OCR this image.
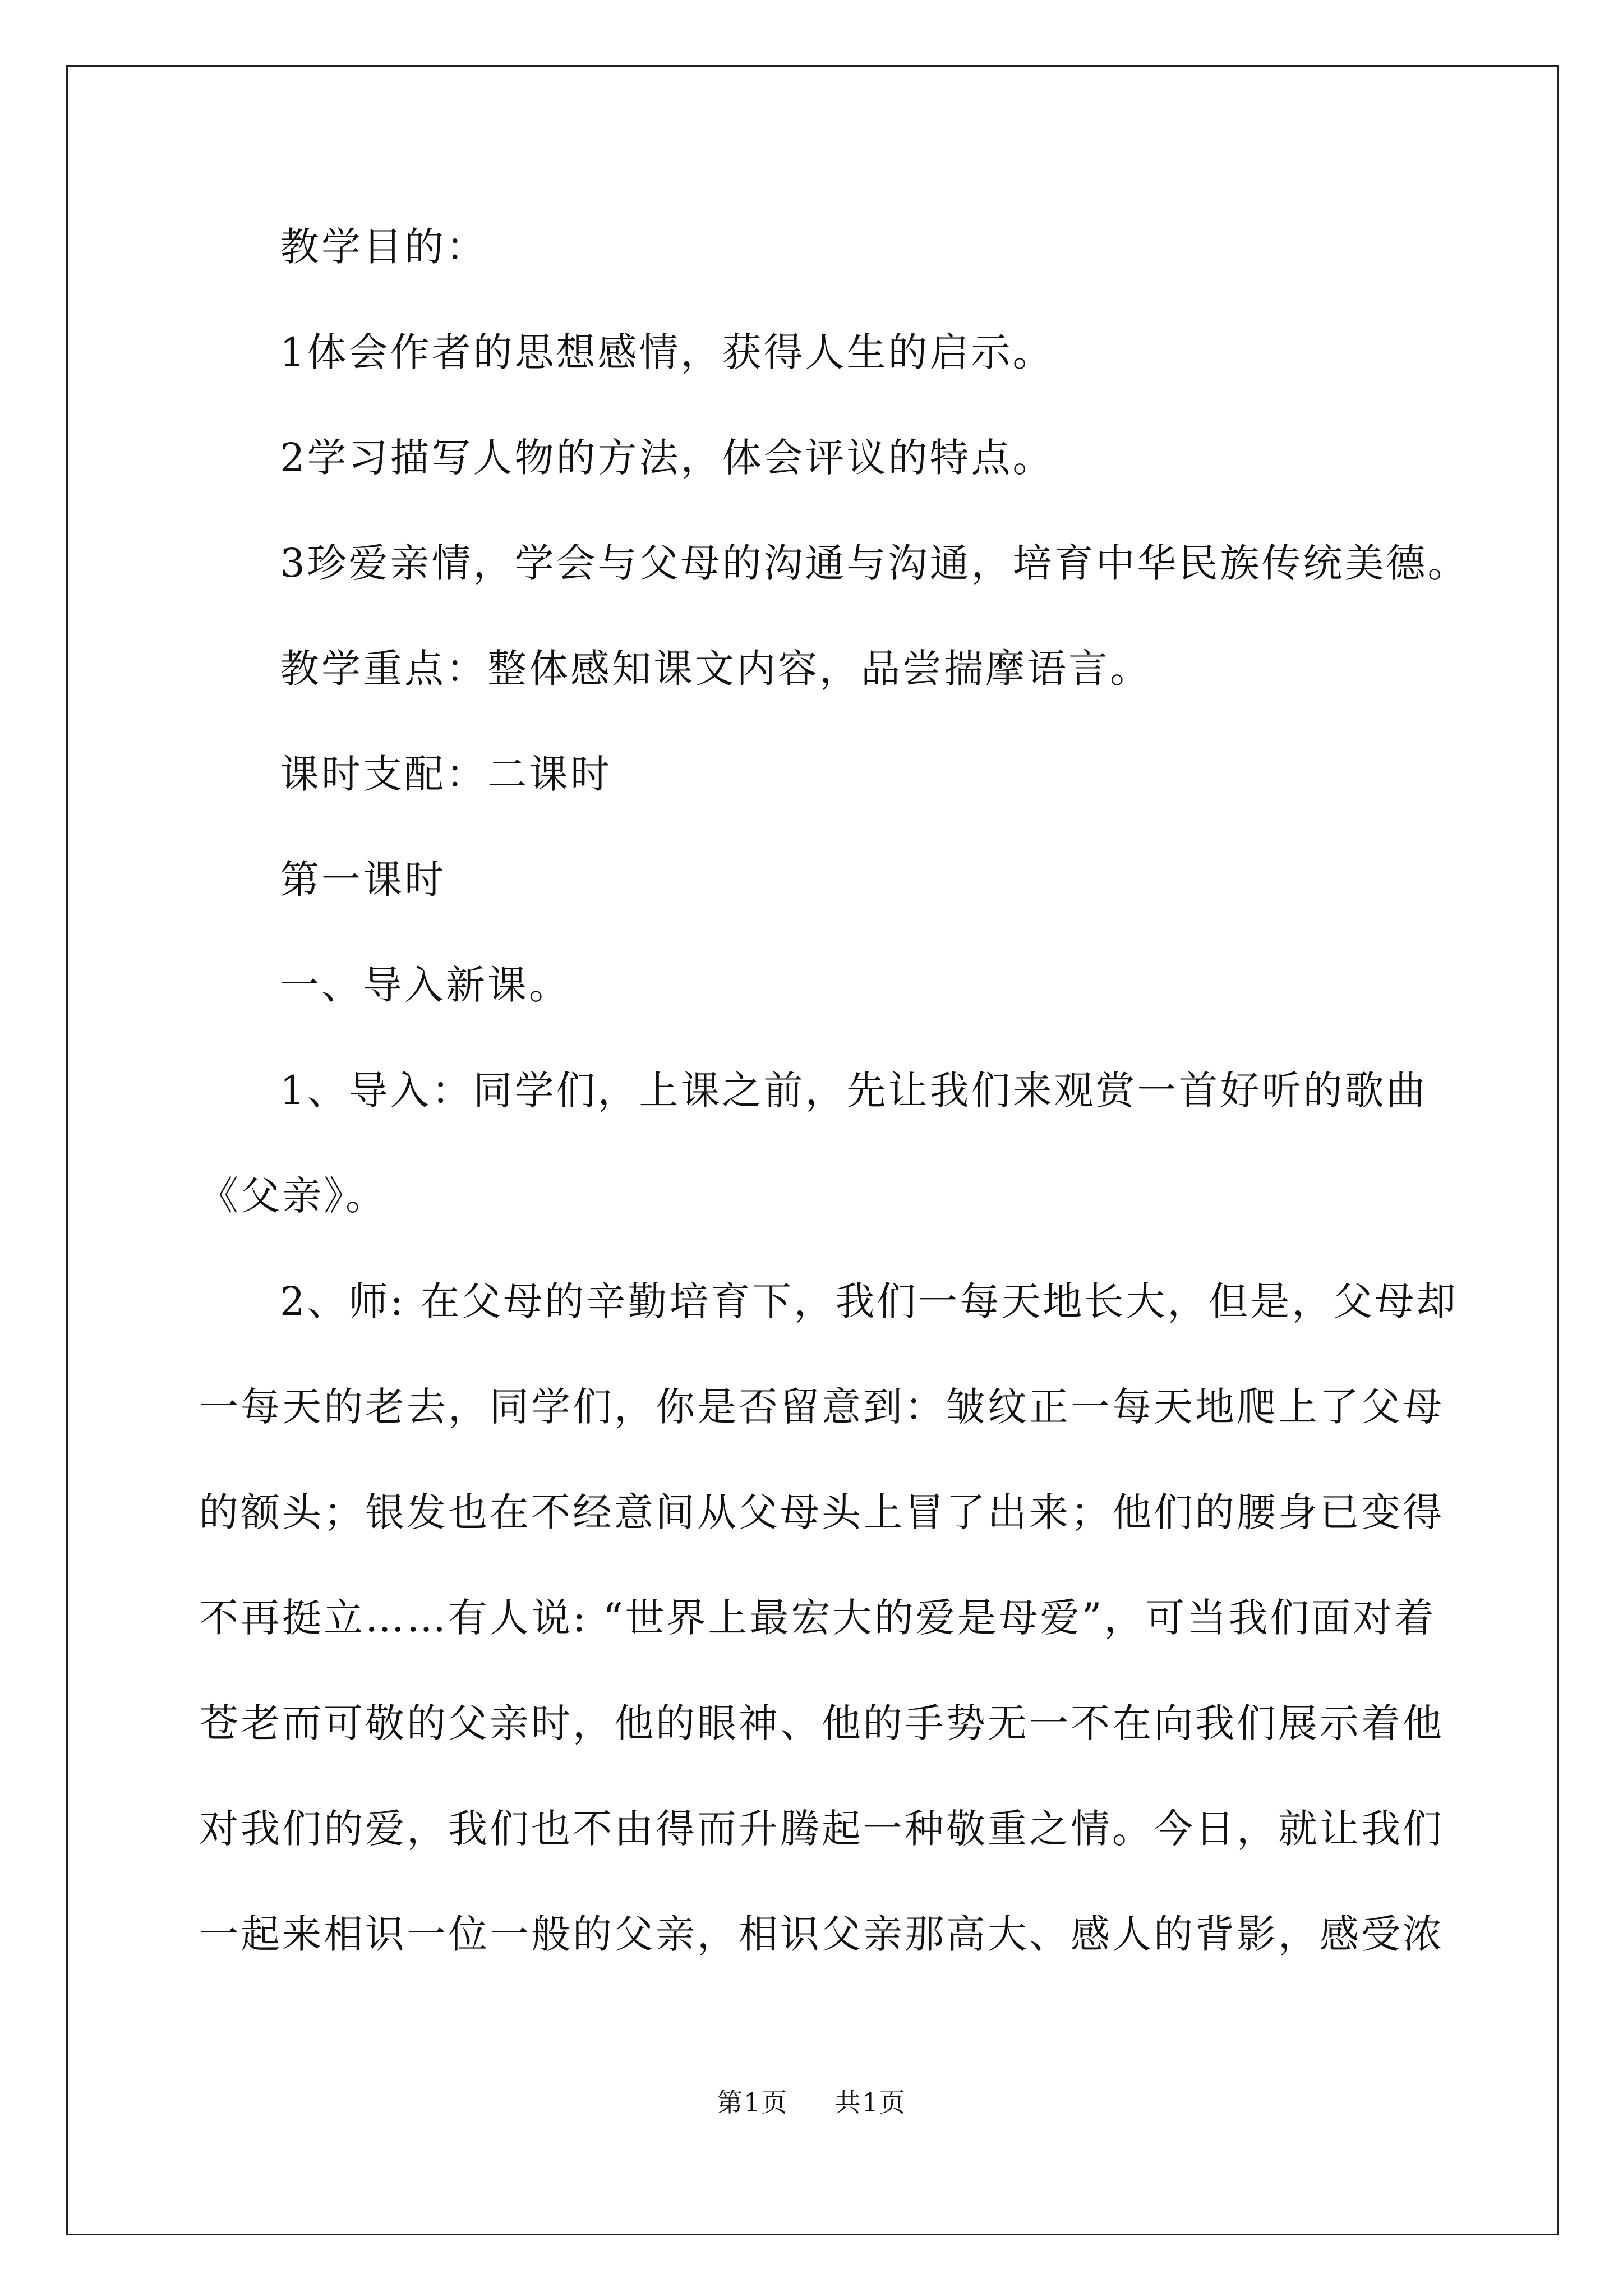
教学目的：
1体会作者的思想感情，获得人生的启示。
2学习描写人物的方法，体会评议的特点。
3珍爱亲情，学会与父母的沟通与沟通，培育中华民族传统美德。
教学重点：整体感知课文内容，品尝揣摩语言。
课时支配：二课时
第一课时
一、导入新课。
1、导入：同学们，上课之前，先让我们来观赏一首好听的歌曲
《父亲》。
2、师: 在父母的辛勤培育下，我们一每天地长大，但是，父母却
一每天的老去，同学们，你是否留意到：皱纹正一每天地爬上了父母
的额头；银发也在不经意间从父母头上冒了出来；他们的腰身已变得
不再挺立……有人说: “世界上最宏大的爱是母爱”，可当我们面对着
苍老而可敬的父亲时，他的眼神、他的手势无一不在向我们展示着他
对我们的爱，我们也不由得而升腾起一种敬重之情。今日，就让我们
一起来相识一位一般的父亲，相识父亲那高大、感人的背影，感受浓
第1页 共1页
